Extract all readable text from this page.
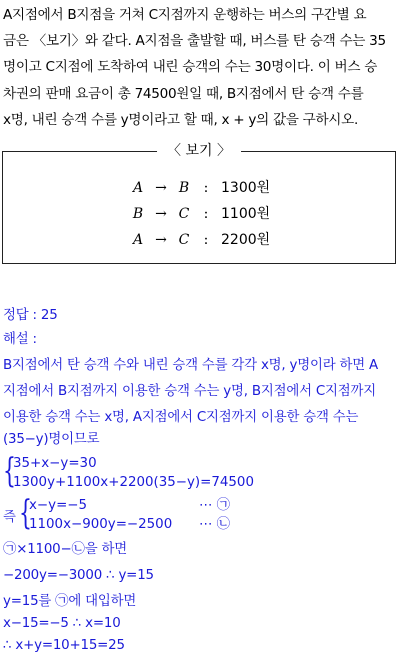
A지점에서 B지점을 거쳐 C지점까지 운행하는 버스의 구간별 요
금은 〈보기〉와 같다. A지점을 출발할 때, 버스를 탄 승객 수는 35
명이고 C지점에 도착하여 내린 승객의 수는 30명이다. 이 버스 승
차권의 판매 요금이 총 74500원일 때, B지점에서 탄 승객 수를
x명, 내린 승객 수를 y명이라고 할 때, x + y의 값을 구하시오.
〈 보기 〉
A → B : 1300원
B → C : 1100원
A → C : 2200원
정답 : 25
해설 :
B지점에서 탄 승객 수와 내린 승객 수를 각각 x명, y명이라 하면 A
지점에서 B지점까지 이용한 승객 수는 y명, B지점에서 C지점까지
이용한 승객 수는 x명, A지점에서 C지점까지 이용한 승객 수는
(35−y)명이므로
{
35+x−y=30
1300y+1100x+2200(35−y)=74500
즉 {
x−y=−5	⋯ ㉠
1100x−900y=−2500 ⋯ ㉡
㉠×1100−㉡을 하면
−200y=−3000 ∴ y=15
y=15를 ㉠에 대입하면
x−15=−5 ∴ x=10
∴ x+y=10+15=25
